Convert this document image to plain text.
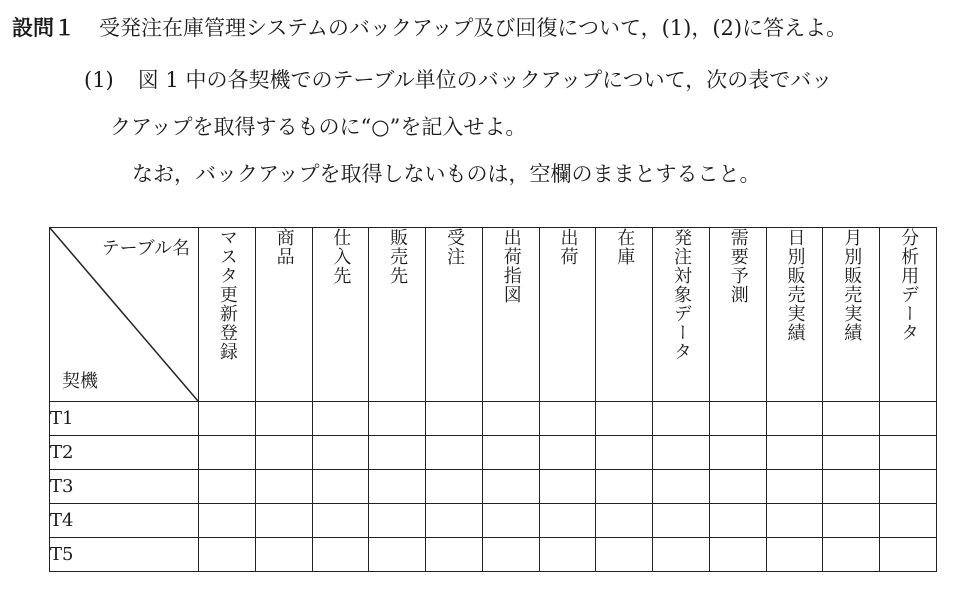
設問１ 受発注在庫管理システムのバックアップ及び回復について，(1)，(2)に答えよ。
(1) 図 1 中の各契機でのテーブル単位のバックアップについて，次の表でバッ
クアップを取得するものに“○”を記入せよ。
なお，バックアップを取得しないものは，空欄のままとすること。
テーブル名
契機	マスタ更新登録	商品	仕入先	販売先	受注	出荷指図	出荷	在庫	発注対象データ	需要予測	日別販売実績	月別販売実績	分析用データ
T1													
T2													
T3													
T4													
T5													
